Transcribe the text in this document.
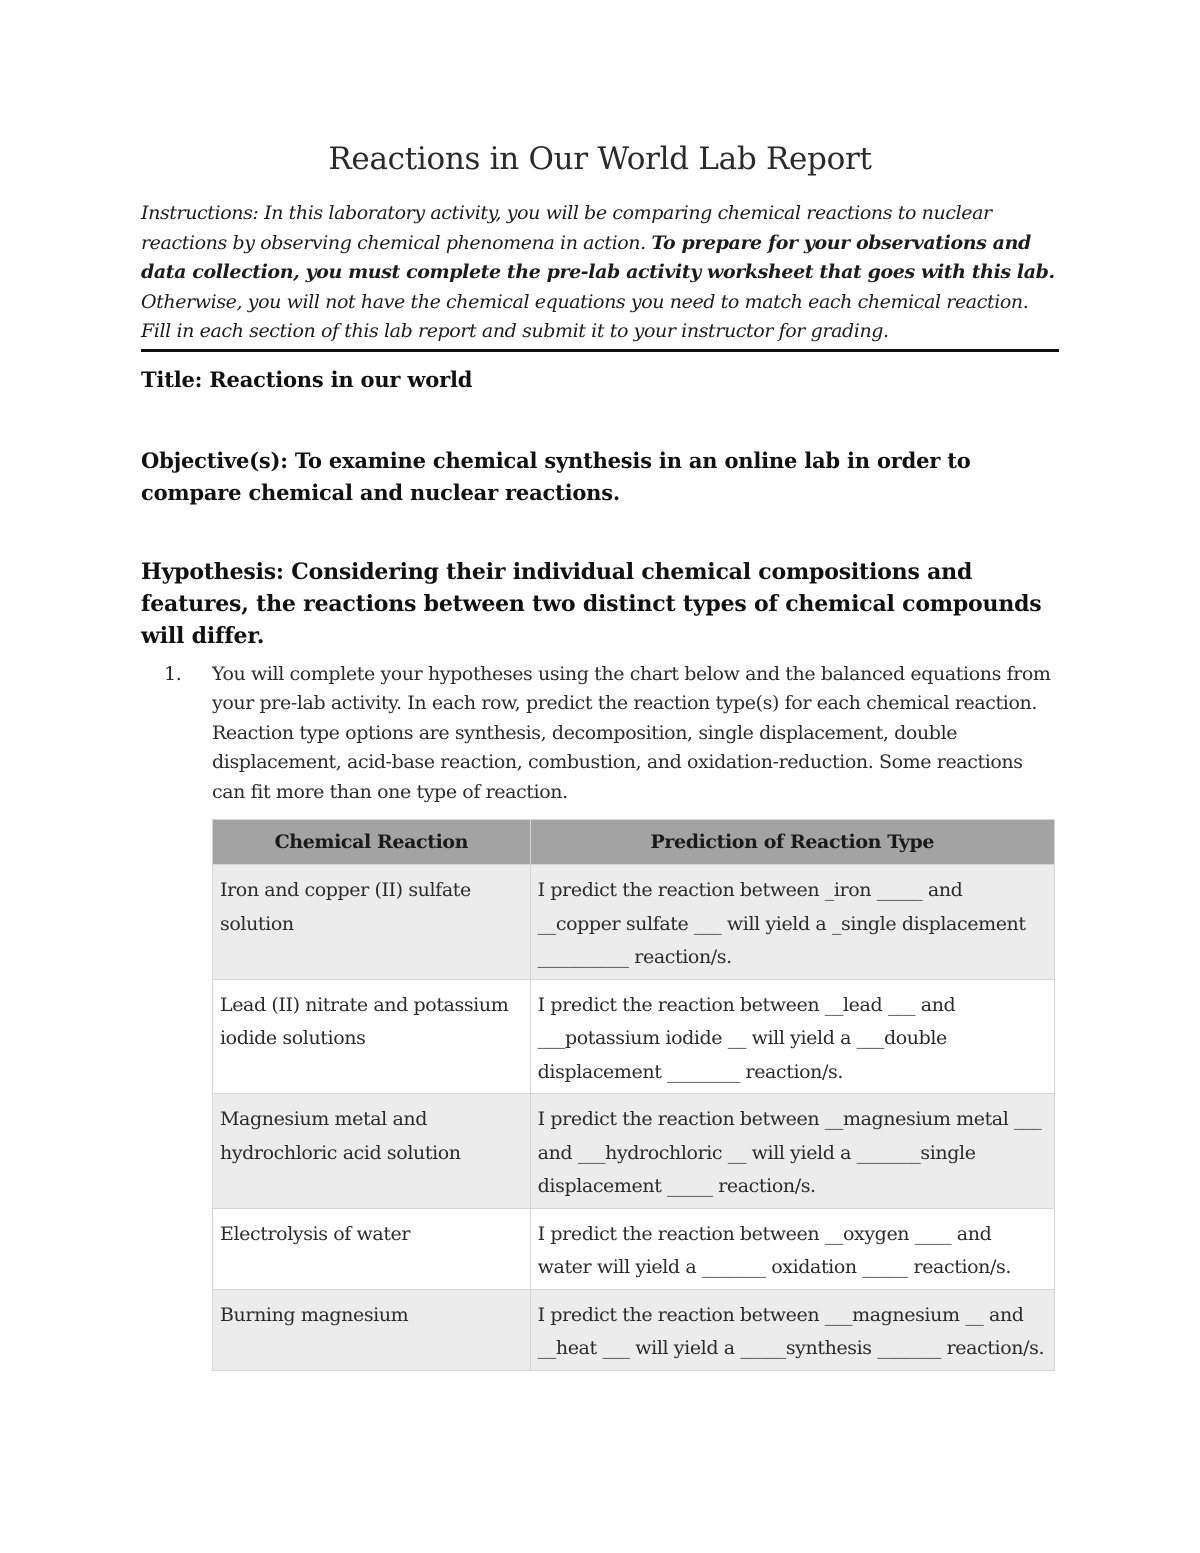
Reactions in Our World Lab Report
Instructions: In this laboratory activity, you will be comparing chemical reactions to nuclear reactions by observing chemical phenomena in action. To prepare for your observations and data collection, you must complete the pre-lab activity worksheet that goes with this lab. Otherwise, you will not have the chemical equations you need to match each chemical reaction. Fill in each section of this lab report and submit it to your instructor for grading.
Title: Reactions in our world
Objective(s): To examine chemical synthesis in an online lab in order to compare chemical and nuclear reactions.
Hypothesis: Considering their individual chemical compositions and features, the reactions between two distinct types of chemical compounds will differ.
1. You will complete your hypotheses using the chart below and the balanced equations from your pre-lab activity. In each row, predict the reaction type(s) for each chemical reaction. Reaction type options are synthesis, decomposition, single displacement, double displacement, acid-base reaction, combustion, and oxidation-reduction. Some reactions can fit more than one type of reaction.
Chemical Reaction	Prediction of Reaction Type
Iron and copper (II) sulfate solution	I predict the reaction between _iron _____ and __copper sulfate ___ will yield a _single displacement __________ reaction/s.
Lead (II) nitrate and potassium iodide solutions	I predict the reaction between __lead ___ and ___potassium iodide __ will yield a ___double displacement ________ reaction/s.
Magnesium metal and hydrochloric acid solution	I predict the reaction between __magnesium metal ___ and ___hydrochloric __ will yield a _______single displacement _____ reaction/s.
Electrolysis of water	I predict the reaction between __oxygen ____ and water will yield a _______ oxidation _____ reaction/s.
Burning magnesium	I predict the reaction between ___magnesium __ and __heat ___ will yield a _____synthesis _______ reaction/s.
